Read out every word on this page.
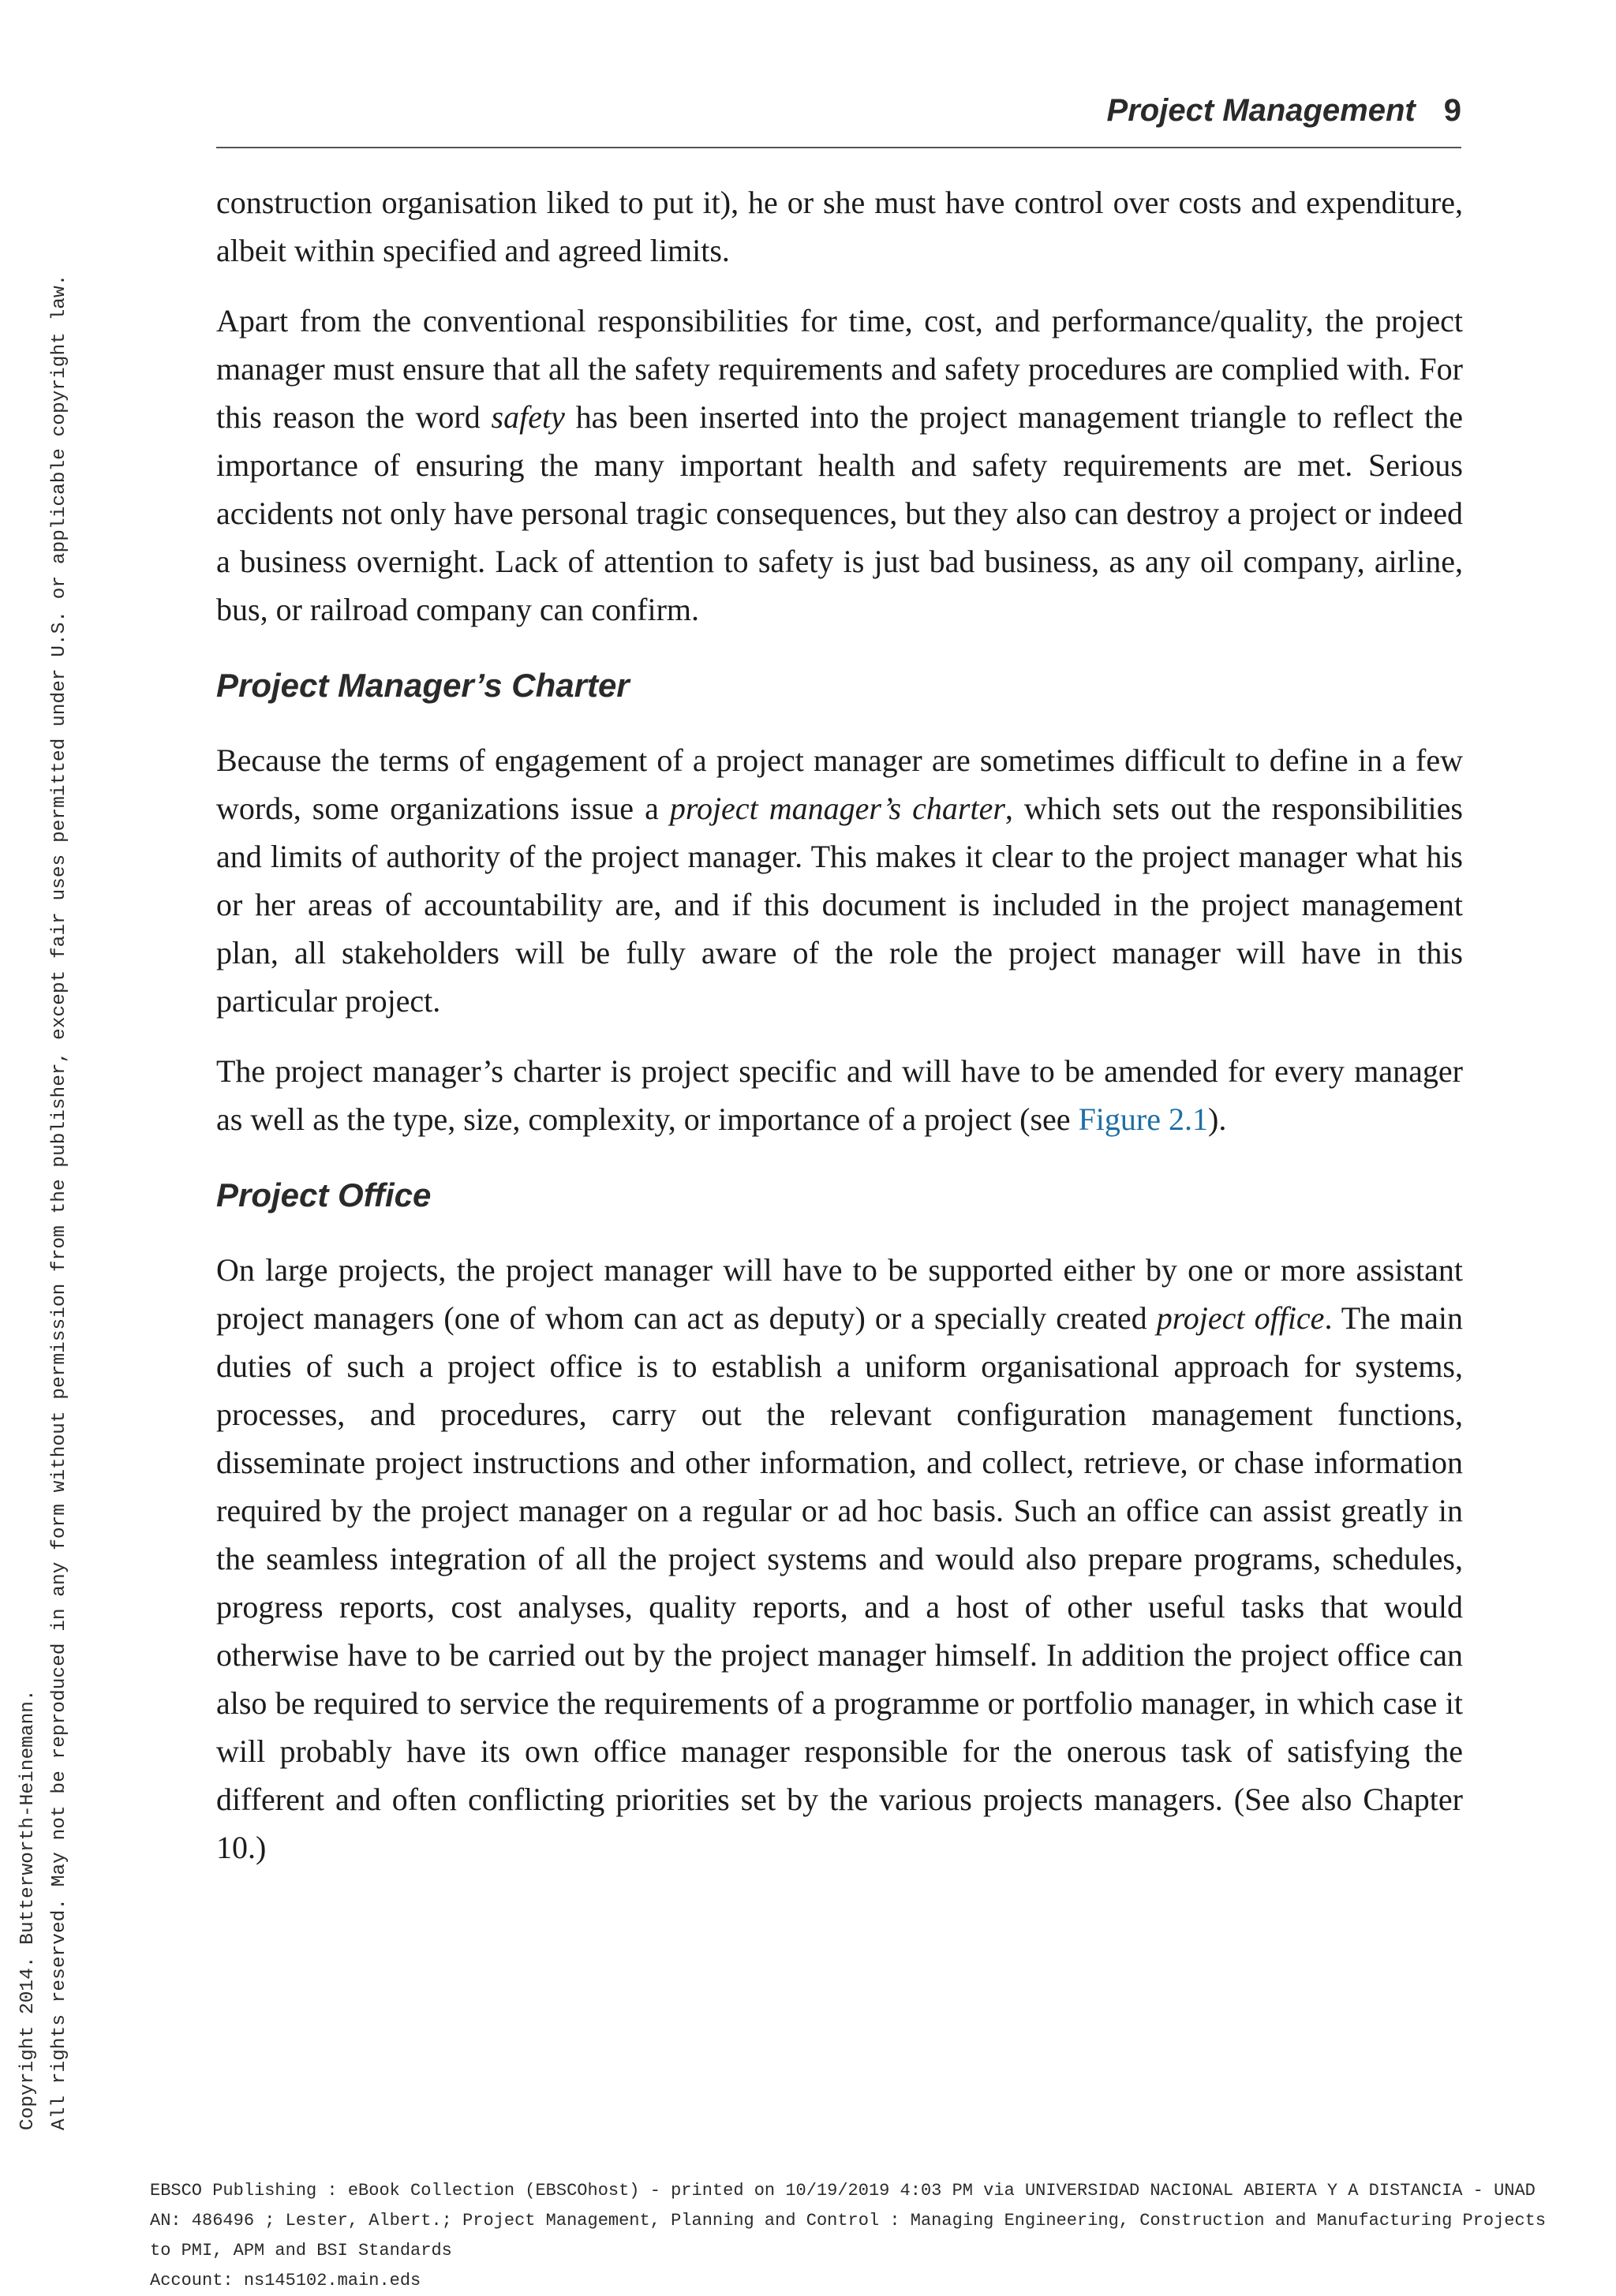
Project Management 9

construction organisation liked to put it), he or she must have control over costs and expenditure, albeit within specified and agreed limits.

Apart from the conventional responsibilities for time, cost, and performance/quality, the project manager must ensure that all the safety requirements and safety procedures are complied with. For this reason the word safety has been inserted into the project management triangle to reflect the importance of ensuring the many important health and safety requirements are met. Serious accidents not only have personal tragic consequences, but they also can destroy a project or indeed a business overnight. Lack of attention to safety is just bad business, as any oil company, airline, bus, or railroad company can confirm.

Project Manager’s Charter

Because the terms of engagement of a project manager are sometimes difficult to define in a few words, some organizations issue a project manager’s charter, which sets out the responsibilities and limits of authority of the project manager. This makes it clear to the project manager what his or her areas of accountability are, and if this document is included in the project management plan, all stakeholders will be fully aware of the role the project manager will have in this particular project.

The project manager’s charter is project specific and will have to be amended for every manager as well as the type, size, complexity, or importance of a project (see Figure 2.1).

Project Office

On large projects, the project manager will have to be supported either by one or more assistant project managers (one of whom can act as deputy) or a specially created project office. The main duties of such a project office is to establish a uniform organisational approach for systems, processes, and procedures, carry out the relevant configuration management functions, disseminate project instructions and other information, and collect, retrieve, or chase information required by the project manager on a regular or ad hoc basis. Such an office can assist greatly in the seamless integration of all the project systems and would also prepare programs, schedules, progress reports, cost analyses, quality reports, and a host of other useful tasks that would otherwise have to be carried out by the project manager himself. In addition the project office can also be required to service the requirements of a programme or portfolio manager, in which case it will probably have its own office manager responsible for the onerous task of satisfying the different and often conflicting priorities set by the various projects managers. (See also Chapter 10.)

Copyright 2014. Butterworth-Heinemann. All rights reserved. May not be reproduced in any form without permission from the publisher, except fair uses permitted under U.S. or applicable copyright law.
EBSCO Publishing : eBook Collection (EBSCOhost) - printed on 10/19/2019 4:03 PM via UNIVERSIDAD NACIONAL ABIERTA Y A DISTANCIA - UNAD
AN: 486496 ; Lester, Albert.; Project Management, Planning and Control : Managing Engineering, Construction and Manufacturing Projects
to PMI, APM and BSI Standards
Account: ns145102.main.eds
